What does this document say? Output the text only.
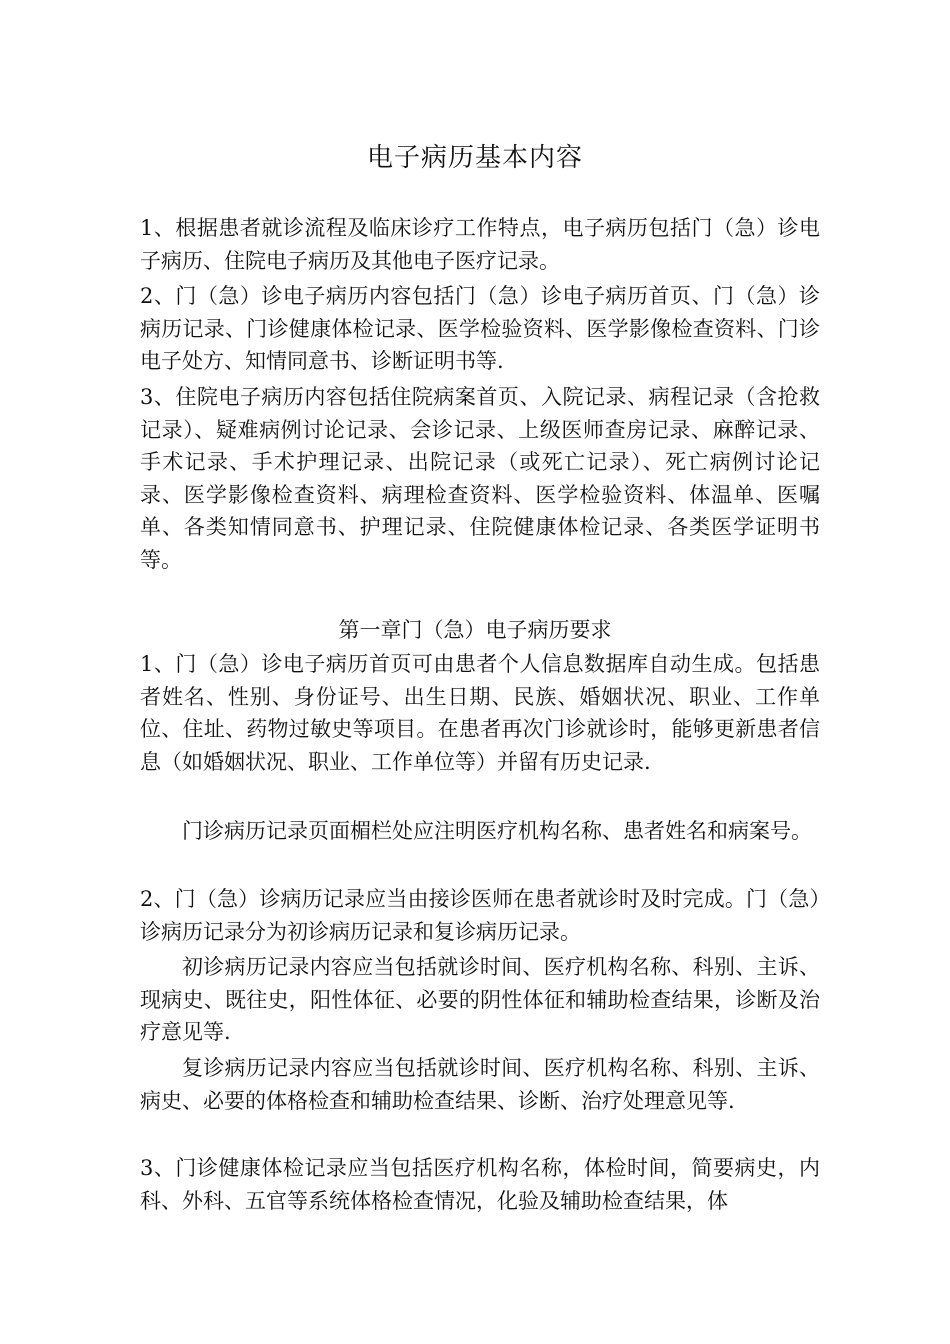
电子病历基本内容
1、根据患者就诊流程及临床诊疗工作特点，电子病历包括门（急）诊电子病历、住院电子病历及其他电子医疗记录。
2、门（急）诊电子病历内容包括门（急）诊电子病历首页、门（急）诊病历记录、门诊健康体检记录、医学检验资料、医学影像检查资料、门诊电子处方、知情同意书、诊断证明书等.
3、住院电子病历内容包括住院病案首页、入院记录、病程记录（含抢救记录）、疑难病例讨论记录、会诊记录、上级医师查房记录、麻醉记录、手术记录、手术护理记录、出院记录（或死亡记录）、死亡病例讨论记录、医学影像检查资料、病理检查资料、医学检验资料、体温单、医嘱单、各类知情同意书、护理记录、住院健康体检记录、各类医学证明书等。
第一章门（急）电子病历要求
1、门（急）诊电子病历首页可由患者个人信息数据库自动生成。包括患者姓名、性别、身份证号、出生日期、民族、婚姻状况、职业、工作单位、住址、药物过敏史等项目。在患者再次门诊就诊时，能够更新患者信息（如婚姻状况、职业、工作单位等）并留有历史记录.
门诊病历记录页面楣栏处应注明医疗机构名称、患者姓名和病案号。
2、门（急）诊病历记录应当由接诊医师在患者就诊时及时完成。门（急）诊病历记录分为初诊病历记录和复诊病历记录。
初诊病历记录内容应当包括就诊时间、医疗机构名称、科别、主诉、现病史、既往史，阳性体征、必要的阴性体征和辅助检查结果，诊断及治疗意见等.
复诊病历记录内容应当包括就诊时间、医疗机构名称、科别、主诉、病史、必要的体格检查和辅助检查结果、诊断、治疗处理意见等.
3、门诊健康体检记录应当包括医疗机构名称，体检时间，简要病史，内科、外科、五官等系统体格检查情况，化验及辅助检查结果，体
